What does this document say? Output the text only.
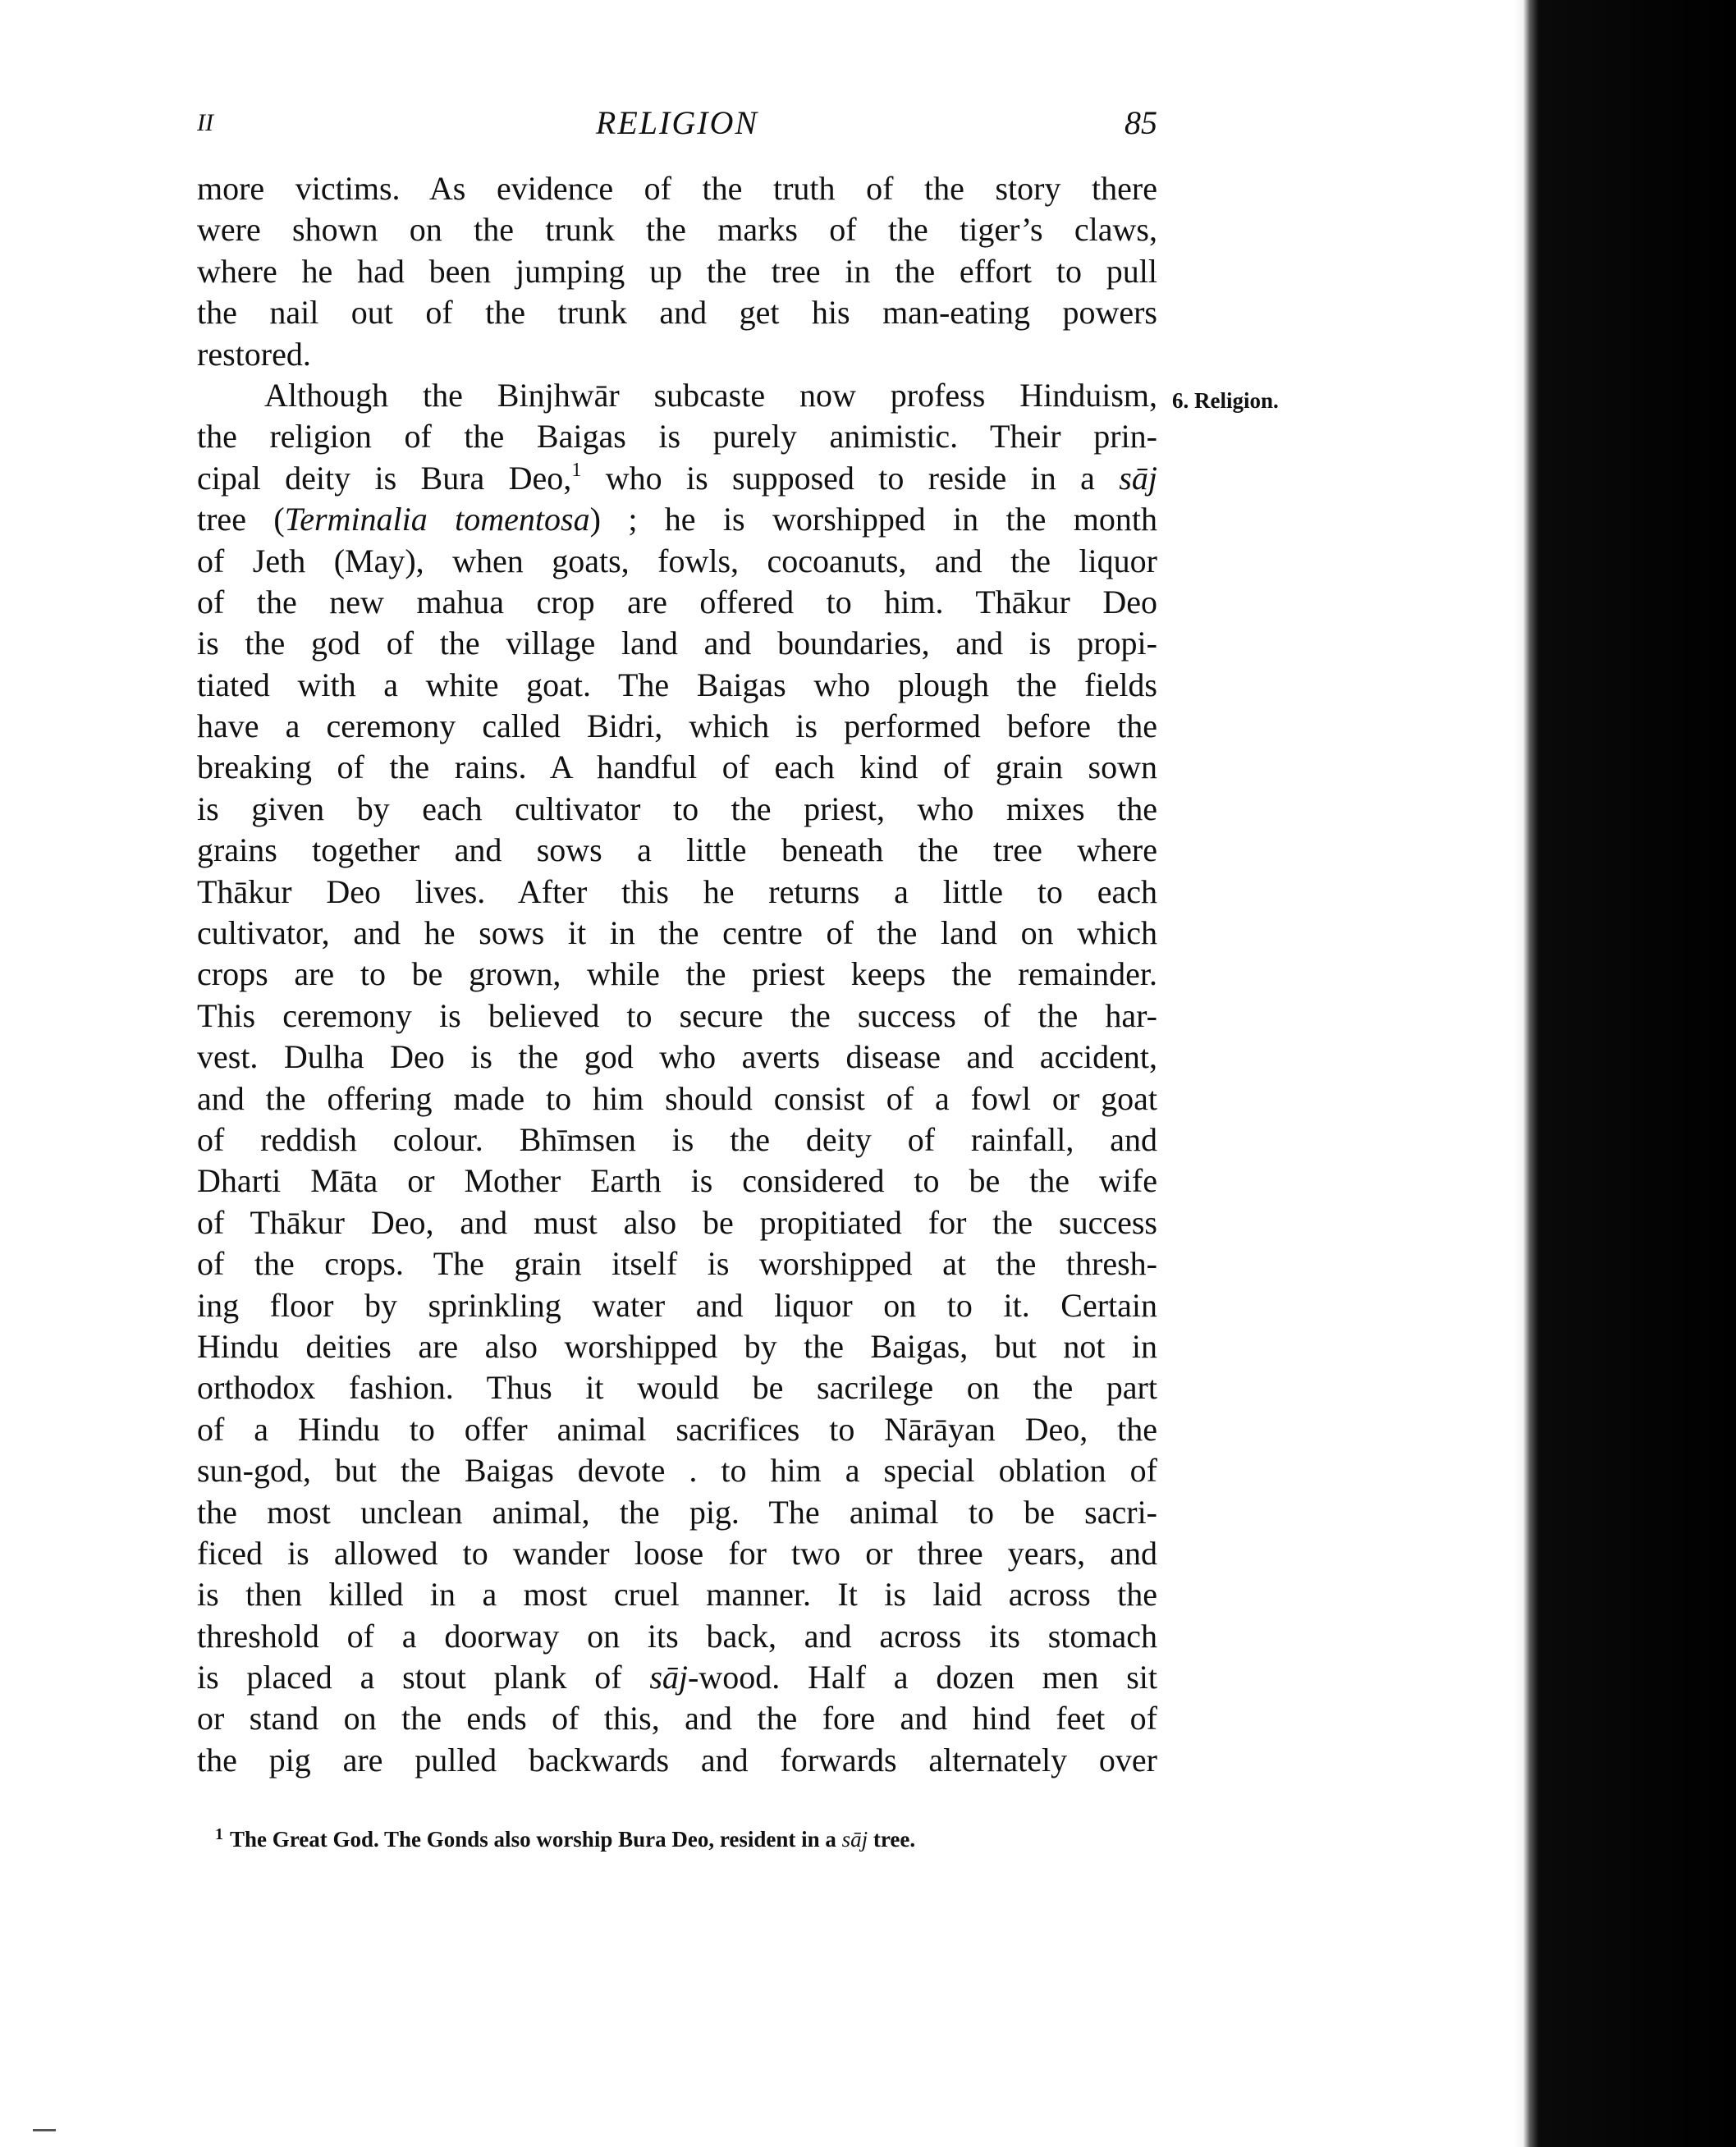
II	RELIGION	85
6. Religion.
more victims. As evidence of the truth of the story there
were shown on the trunk the marks of the tiger’s claws,
where he had been jumping up the tree in the effort to pull
the nail out of the trunk and get his man-eating powers
restored.
Although the Binjhwār subcaste now profess Hinduism,
the religion of the Baigas is purely animistic. Their prin-
cipal deity is Bura Deo,$^1$ who is supposed to reside in a sāj
tree (Terminalia tomentosa) ; he is worshipped in the month
of Jeth (May), when goats, fowls, cocoanuts, and the liquor
of the new mahua crop are offered to him. Thākur Deo
is the god of the village land and boundaries, and is propi-
tiated with a white goat. The Baigas who plough the fields
have a ceremony called Bidri, which is performed before the
breaking of the rains. A handful of each kind of grain sown
is given by each cultivator to the priest, who mixes the
grains together and sows a little beneath the tree where
Thākur Deo lives. After this he returns a little to each
cultivator, and he sows it in the centre of the land on which
crops are to be grown, while the priest keeps the remainder.
This ceremony is believed to secure the success of the har-
vest. Dulha Deo is the god who averts disease and accident,
and the offering made to him should consist of a fowl or goat
of reddish colour. Bhīmsen is the deity of rainfall, and
Dharti Māta or Mother Earth is considered to be the wife
of Thākur Deo, and must also be propitiated for the success
of the crops. The grain itself is worshipped at the thresh-
ing floor by sprinkling water and liquor on to it. Certain
Hindu deities are also worshipped by the Baigas, but not in
orthodox fashion. Thus it would be sacrilege on the part
of a Hindu to offer animal sacrifices to Nārāyan Deo, the
sun-god, but the Baigas devote . to him a special oblation of
the most unclean animal, the pig. The animal to be sacri-
ficed is allowed to wander loose for two or three years, and
is then killed in a most cruel manner. It is laid across the
threshold of a doorway on its back, and across its stomach
is placed a stout plank of sāj-wood. Half a dozen men sit
or stand on the ends of this, and the fore and hind feet of
the pig are pulled backwards and forwards alternately over
$^1$ The Great God. The Gonds also worship Bura Deo, resident in a sāj tree.
